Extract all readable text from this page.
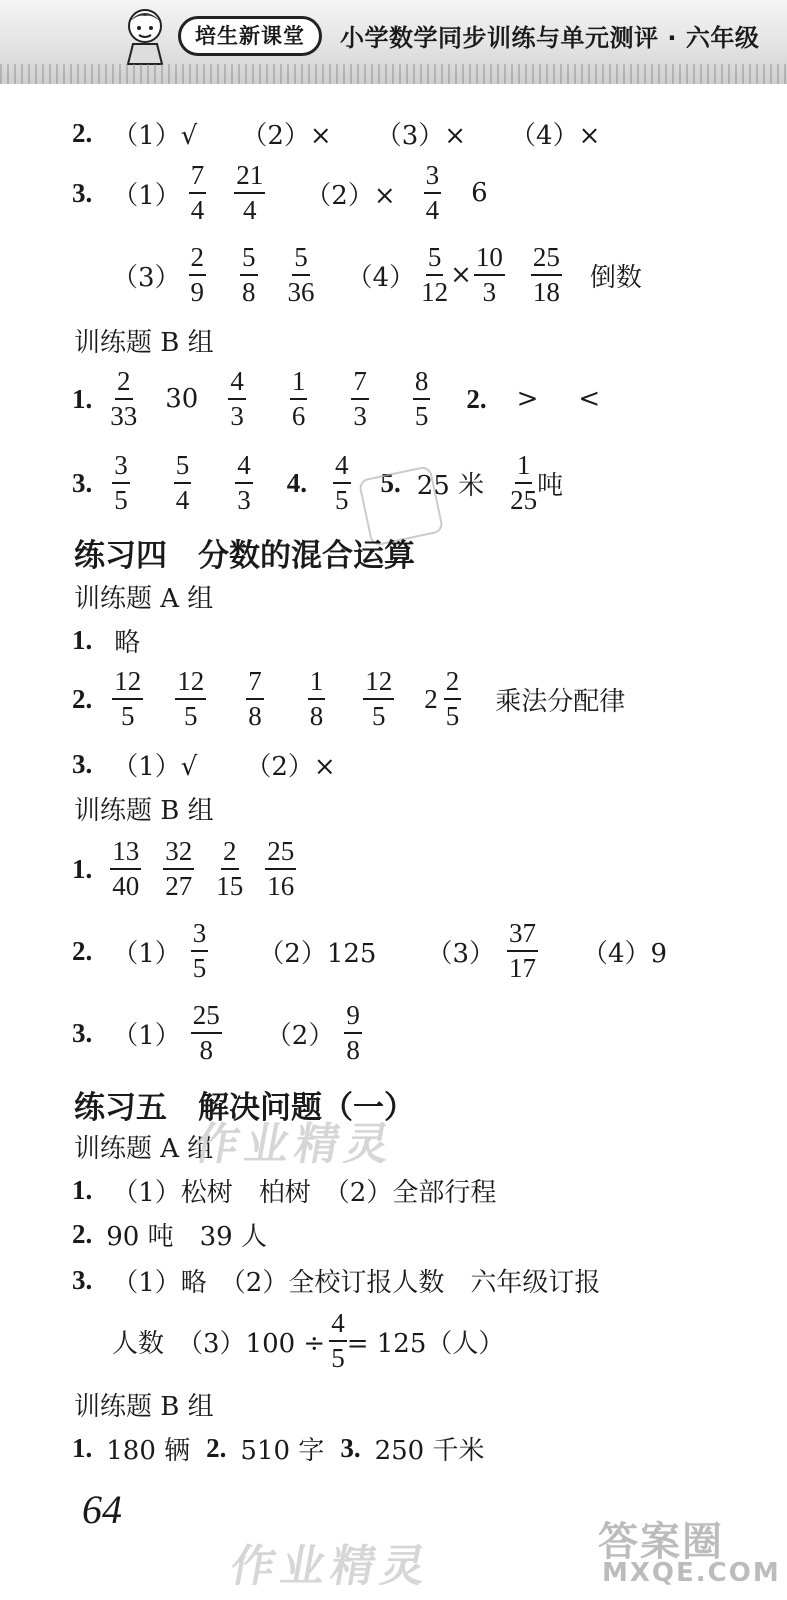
培生新课堂	小学数学同步训练与单元测评 · 六年级
2. （1）√ （2）× （3）× （4）×
3. $(1) \frac{7}{4} \frac{21}{4} (2)\times \frac{3}{4} 6$
$(3) \frac{2}{9} \frac{5}{8} \frac{5}{36} (4) \frac{5}{12} \times \frac{10}{3} \frac{25}{18}$ 倒数
训练题 B 组
1. $\frac{2}{33} 30 \frac{4}{3} \frac{1}{6} \frac{7}{3} \frac{8}{5} 2$. > <
3. $\frac{3}{5} \frac{5}{4} \frac{4}{3} 4$. $\frac{4}{5} 5$. 25 米 $\frac{1}{25}$ 吨
练习四　分数的混合运算
训练题 A 组
1. 略
2. $\frac{12}{5} \frac{12}{5} \frac{7}{8} \frac{1}{8} \frac{12}{5} 2 \frac{2}{5}$ 乘法分配律
3. （1）√ （2）×
训练题 B 组
1. $\frac{13}{40} \frac{32}{27} \frac{2}{15} \frac{25}{16}$
2. $(1) \frac{3}{5} (2)125$ $(3) \frac{37}{17} (4)9$
3. $(1) \frac{25}{8} (2) \frac{9}{8}$
练习五　解决问题（一）
训练题 A 组
1. （1）松树　柏树　（2）全部行程
2. 90 吨　39 人
3. （1）略　（2）全校订报人数　六年级订报
人数　$(3)100 \div \frac{4}{5} = 125$（人）
训练题 B 组
1. 180 辆 2. 510 字 3. 250 千米
作业精灵
作业精灵
64
答案圈
MXQE.COM
